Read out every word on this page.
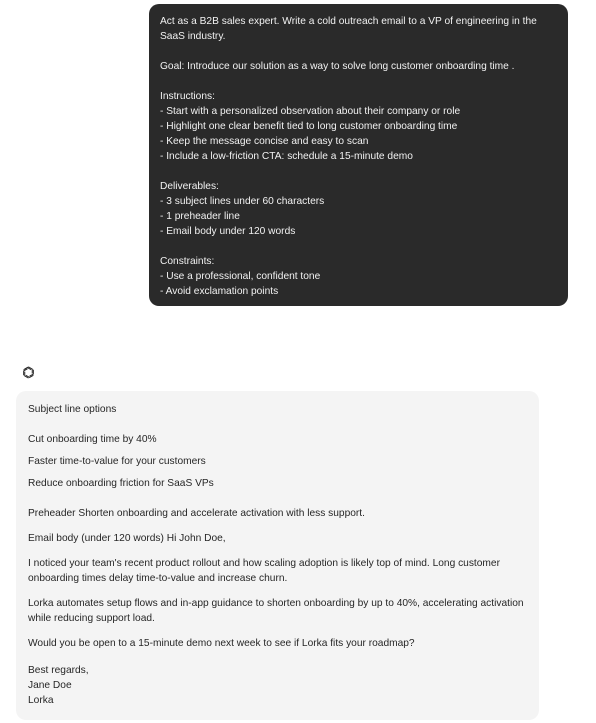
Act as a B2B sales expert. Write a cold outreach email to a VP of engineering in the SaaS industry.

Goal: Introduce our solution as a way to solve long customer onboarding time .

Instructions:

- Start with a personalized observation about their company or role

- Highlight one clear benefit tied to long customer onboarding time

- Keep the message concise and easy to scan

- Include a low-friction CTA: schedule a 15-minute demo

Deliverables:

- 3 subject lines under 60 characters

- 1 preheader line

- Email body under 120 words

Constraints:

- Use a professional, confident tone

- Avoid exclamation points

Subject line options

Cut onboarding time by 40%

Faster time-to-value for your customers

Reduce onboarding friction for SaaS VPs

Preheader Shorten onboarding and accelerate activation with less support.

Email body (under 120 words) Hi John Doe,

I noticed your team's recent product rollout and how scaling adoption is likely top of mind. Long customer onboarding times delay time-to-value and increase churn.

Lorka automates setup flows and in-app guidance to shorten onboarding by up to 40%, accelerating activation while reducing support load.

Would you be open to a 15-minute demo next week to see if Lorka fits your roadmap?

Best regards,

Jane Doe

Lorka
